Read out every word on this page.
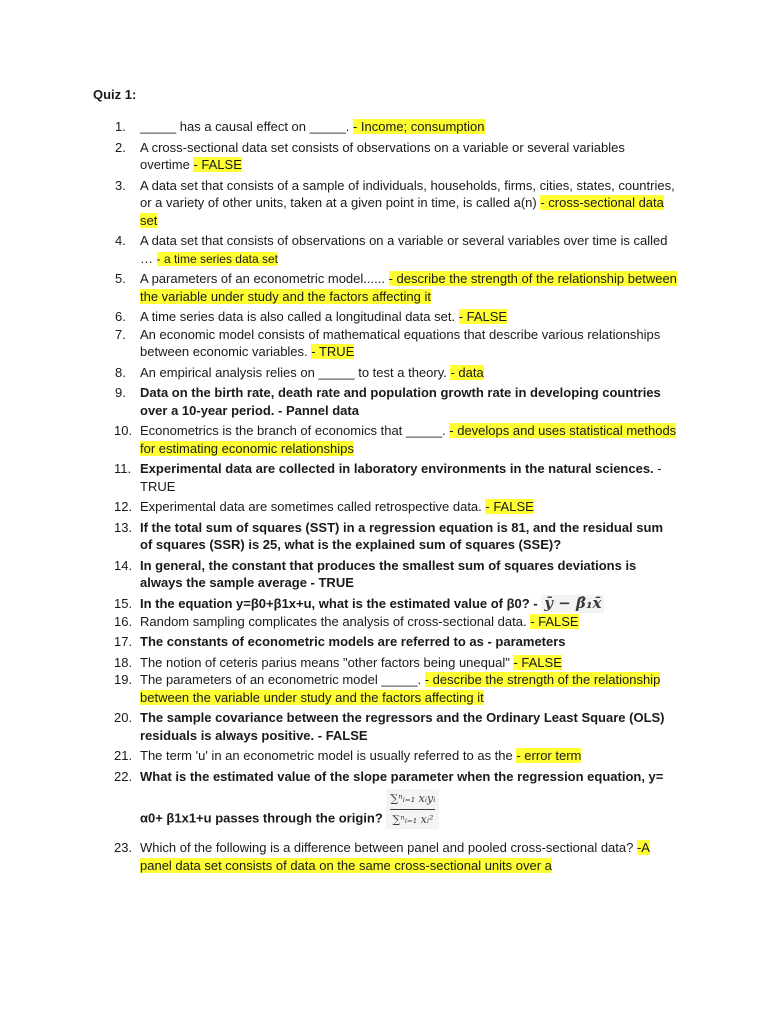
Quiz 1:
1. _____ has a causal effect on _____. - Income; consumption
2. A cross-sectional data set consists of observations on a variable or several variables overtime - FALSE
3. A data set that consists of a sample of individuals, households, firms, cities, states, countries, or a variety of other units, taken at a given point in time, is called a(n) - cross-sectional data set
4. A data set that consists of observations on a variable or several variables over time is called … - a time series data set
5. A parameters of an econometric model...... - describe the strength of the relationship between the variable under study and the factors affecting it
6. A time series data is also called a longitudinal data set. - FALSE
7. An economic model consists of mathematical equations that describe various relationships between economic variables. - TRUE
8. An empirical analysis relies on _____ to test a theory. - data
9. Data on the birth rate, death rate and population growth rate in developing countries over a 10-year period. - Pannel data
10. Econometrics is the branch of economics that _____. - develops and uses statistical methods for estimating economic relationships
11. Experimental data are collected in laboratory environments in the natural sciences. - TRUE
12. Experimental data are sometimes called retrospective data. - FALSE
13. If the total sum of squares (SST) in a regression equation is 81, and the residual sum of squares (SSR) is 25, what is the explained sum of squares (SSE)?
14. In general, the constant that produces the smallest sum of squares deviations is always the sample average - TRUE
15. In the equation y=β0+β1x+u, what is the estimated value of β0? - ȳ − β̂₁x̄
16. Random sampling complicates the analysis of cross-sectional data. - FALSE
17. The constants of econometric models are referred to as - parameters
18. The notion of ceteris parius means "other factors being unequal" - FALSE
19. The parameters of an econometric model _____. - describe the strength of the relationship between the variable under study and the factors affecting it
20. The sample covariance between the regressors and the Ordinary Least Square (OLS) residuals is always positive. - FALSE
21. The term 'u' in an econometric model is usually referred to as the - error term
22. What is the estimated value of the slope parameter when the regression equation, y= α0+ β1x1+u passes through the origin? $\frac{\text{∑ⁿᵢ₌₁ xᵢyᵢ}}{\text{∑ⁿᵢ₌₁ xᵢ²}}$
23. Which of the following is a difference between panel and pooled cross-sectional data? -A panel data set consists of data on the same cross-sectional units over a
